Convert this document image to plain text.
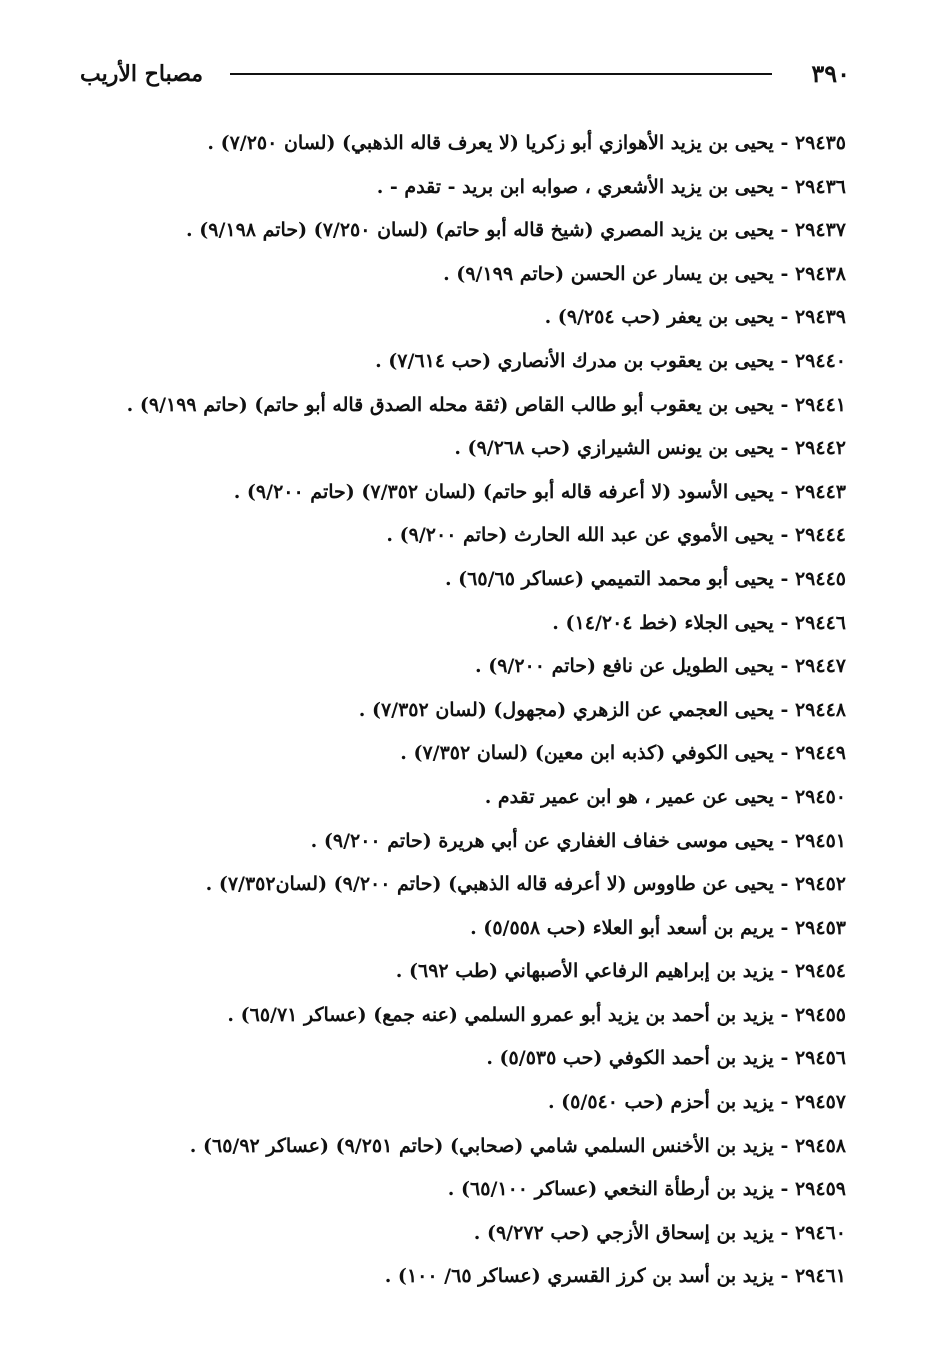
٣٩٠
مصباح الأريب
٢٩٤٣٥ - يحيى بن يزيد الأهوازي أبو زكريا (لا يعرف قاله الذهبي) (لسان ٧/٢٥٠) .
٢٩٤٣٦ - يحيى بن يزيد الأشعري ، صوابه ابن بريد - تقدم - .
٢٩٤٣٧ - يحيى بن يزيد المصري (شيخ قاله أبو حاتم) (لسان ٧/٢٥٠) (حاتم ٩/١٩٨) .
٢٩٤٣٨ - يحيى بن يسار عن الحسن (حاتم ٩/١٩٩) .
٢٩٤٣٩ - يحيى بن يعفر (حب ٩/٢٥٤) .
٢٩٤٤٠ - يحيى بن يعقوب بن مدرك الأنصاري (حب ٧/٦١٤) .
٢٩٤٤١ - يحيى بن يعقوب أبو طالب القاص (ثقة محله الصدق قاله أبو حاتم) (حاتم ٩/١٩٩) .
٢٩٤٤٢ - يحيى بن يونس الشيرازي (حب ٩/٢٦٨) .
٢٩٤٤٣ - يحيى الأسود (لا أعرفه قاله أبو حاتم) (لسان ٧/٣٥٢) (حاتم ٩/٢٠٠) .
٢٩٤٤٤ - يحيى الأموي عن عبد الله الحارث (حاتم ٩/٢٠٠) .
٢٩٤٤٥ - يحيى أبو محمد التميمي (عساكر ٦٥/٦٥) .
٢٩٤٤٦ - يحيى الجلاء (خط ١٤/٢٠٤) .
٢٩٤٤٧ - يحيى الطويل عن نافع (حاتم ٩/٢٠٠) .
٢٩٤٤٨ - يحيى العجمي عن الزهري (مجهول) (لسان ٧/٣٥٢) .
٢٩٤٤٩ - يحيى الكوفي (كذبه ابن معين) (لسان ٧/٣٥٢) .
٢٩٤٥٠ - يحيى عن عمير ، هو ابن عمير تقدم .
٢٩٤٥١ - يحيى موسى خفاف الغفاري عن أبي هريرة (حاتم ٩/٢٠٠) .
٢٩٤٥٢ - يحيى عن طاووس (لا أعرفه قاله الذهبي) (حاتم ٩/٢٠٠) (لسان٧/٣٥٢) .
٢٩٤٥٣ - يريم بن أسعد أبو العلاء (حب ٥/٥٥٨) .
٢٩٤٥٤ - يزيد بن إبراهيم الرفاعي الأصبهاني (طب ٦٩٢) .
٢٩٤٥٥ - يزيد بن أحمد بن يزيد أبو عمرو السلمي (عنه جمع) (عساكر ٦٥/٧١) .
٢٩٤٥٦ - يزيد بن أحمد الكوفي (حب ٥/٥٣٥) .
٢٩٤٥٧ - يزيد بن أحزم (حب ٥/٥٤٠) .
٢٩٤٥٨ - يزيد بن الأخنس السلمي شامي (صحابي) (حاتم ٩/٢٥١) (عساكر ٦٥/٩٢) .
٢٩٤٥٩ - يزيد بن أرطأة النخعي (عساكر ٦٥/١٠٠) .
٢٩٤٦٠ - يزيد بن إسحاق الأزجي (حب ٩/٢٧٢) .
٢٩٤٦١ - يزيد بن أسد بن كرز القسري (عساكر ٦٥/ ١٠٠) .
